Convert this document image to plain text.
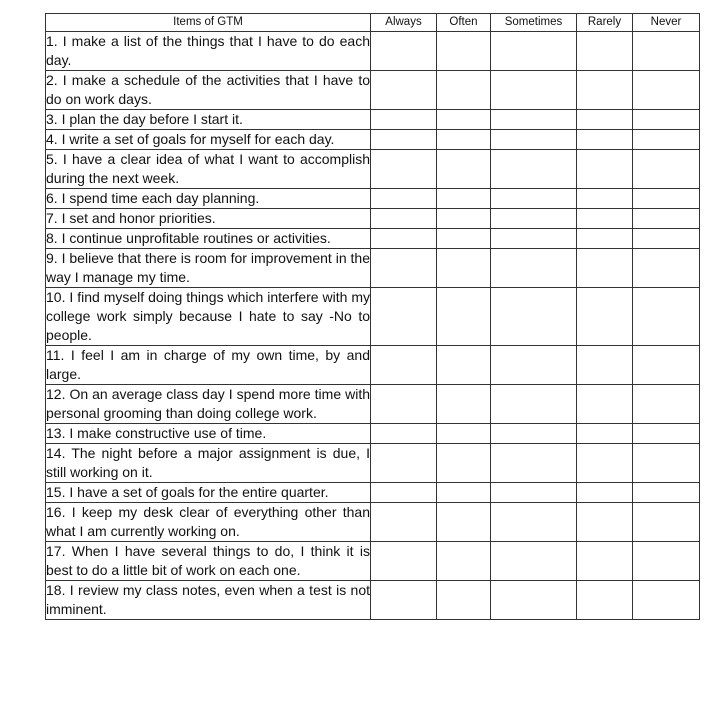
Items of GTM	Always	Often	Sometimes	Rarely	Never
1. I make a list of the things that I have to do each day.					
2. I make a schedule of the activities that I have to do on work days.					
3. I plan the day before I start it.					
4. I write a set of goals for myself for each day.					
5. I have a clear idea of what I want to accomplish during the next week.					
6. I spend time each day planning.					
7. I set and honor priorities.					
8. I continue unprofitable routines or activities.					
9. I believe that there is room for improvement in the way I manage my time.					
10. I find myself doing things which interfere with my college work simply because I hate to say -No to people.					
11. I feel I am in charge of my own time, by and large.					
12. On an average class day I spend more time with personal grooming than doing college work.					
13. I make constructive use of time.					
14. The night before a major assignment is due, I still working on it.					
15. I have a set of goals for the entire quarter.					
16. I keep my desk clear of everything other than what I am currently working on.					
17. When I have several things to do, I think it is best to do a little bit of work on each one.					
18. I review my class notes, even when a test is not imminent.					
